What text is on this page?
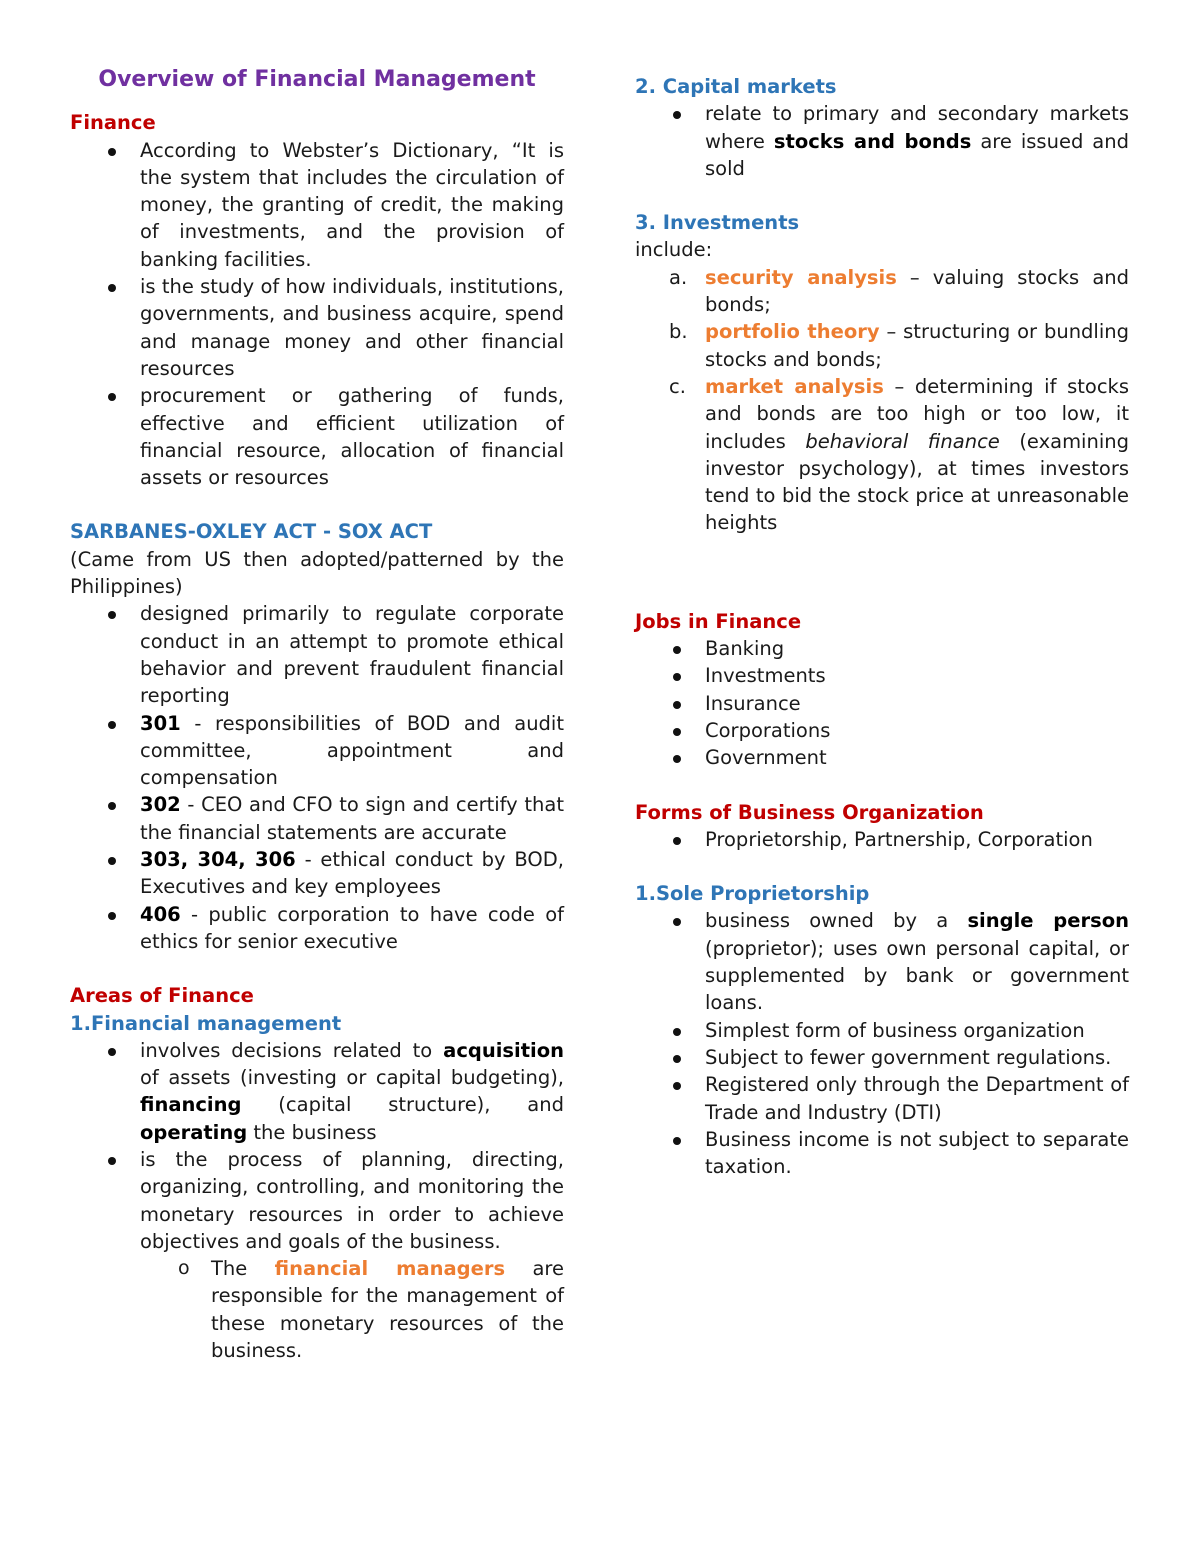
Overview of Financial Management
Finance
According to Webster’s Dictionary, “It is the system that includes the circulation of money, the granting of credit, the making of investments, and the provision of banking facilities.
is the study of how individuals, institutions, governments, and business acquire, spend and manage money and other financial resources
procurement or gathering of funds, effective and efficient utilization of financial resource, allocation of financial assets or resources
SARBANES-OXLEY ACT - SOX ACT
(Came from US then adopted/patterned by the Philippines)
designed primarily to regulate corporate conduct in an attempt to promote ethical behavior and prevent fraudulent financial reporting
301 - responsibilities of BOD and audit committee, appointment and compensation
302 - CEO and CFO to sign and certify that the financial statements are accurate
303, 304, 306 - ethical conduct by BOD, Executives and key employees
406 - public corporation to have code of ethics for senior executive
Areas of Finance
1.Financial management
involves decisions related to acquisition of assets (investing or capital budgeting), financing (capital structure), and operating the business
is the process of planning, directing, organizing, controlling, and monitoring the monetary resources in order to achieve objectives and goals of the business.
o The financial managers are responsible for the management of these monetary resources of the business.
2. Capital markets
relate to primary and secondary markets where stocks and bonds are issued and sold
3. Investments
include:
a. security analysis – valuing stocks and bonds;
b. portfolio theory – structuring or bundling stocks and bonds;
c. market analysis – determining if stocks and bonds are too high or too low, it includes behavioral finance (examining investor psychology), at times investors tend to bid the stock price at unreasonable heights
Jobs in Finance
Banking
Investments
Insurance
Corporations
Government
Forms of Business Organization
Proprietorship, Partnership, Corporation
1.Sole Proprietorship
business owned by a single person (proprietor); uses own personal capital, or supplemented by bank or government loans.
Simplest form of business organization
Subject to fewer government regulations.
Registered only through the Department of Trade and Industry (DTI)
Business income is not subject to separate taxation.
